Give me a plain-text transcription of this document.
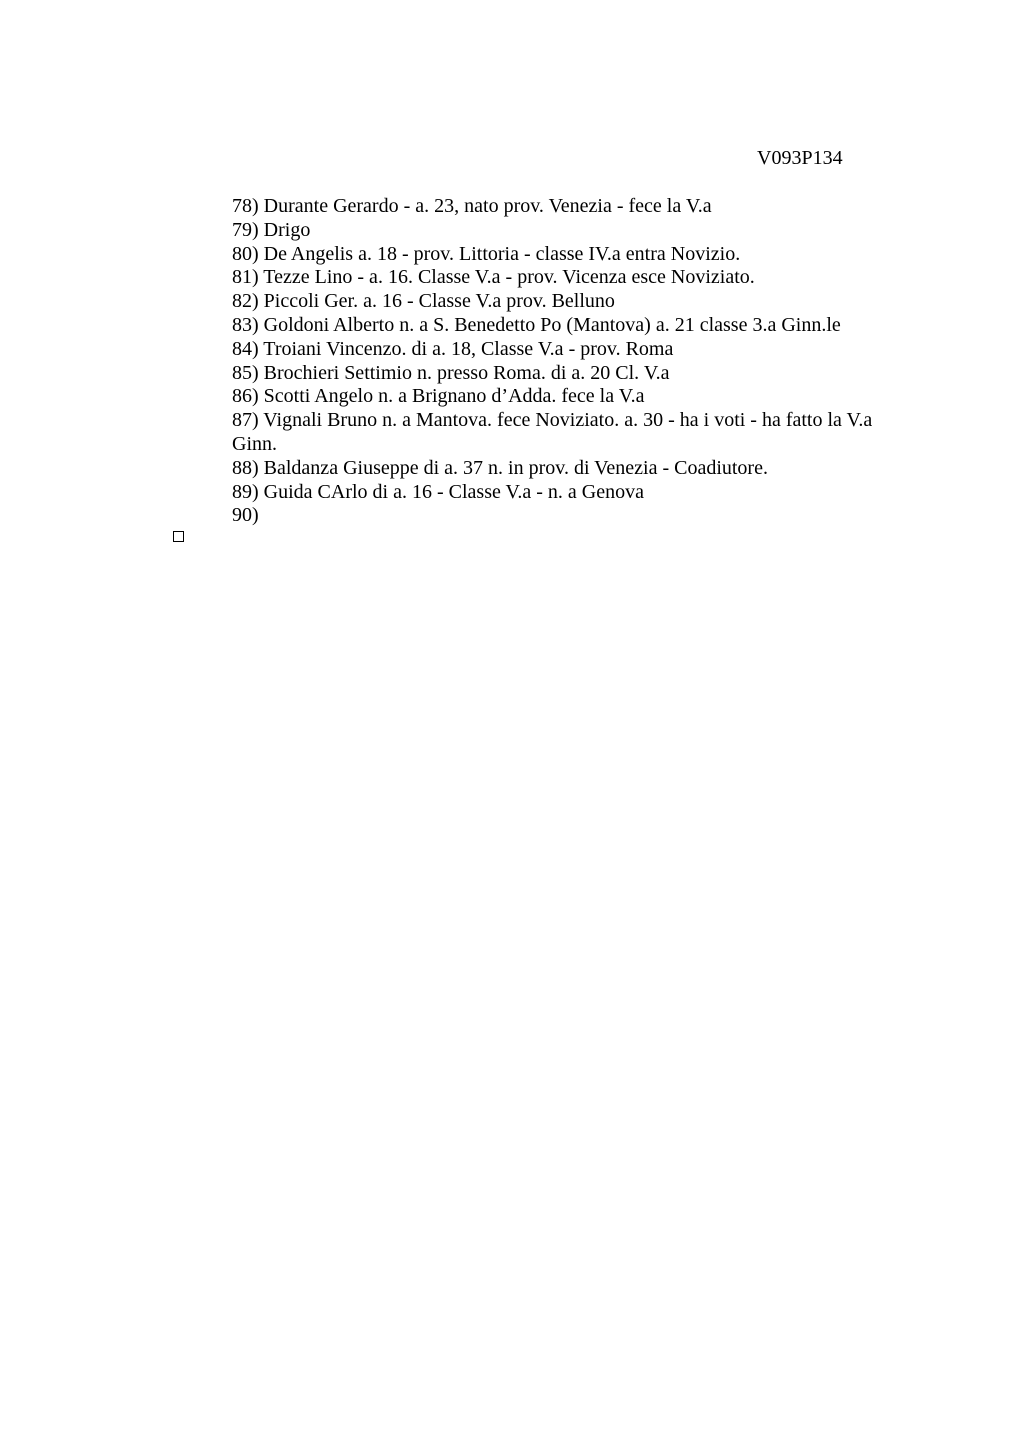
V093P134

78) Durante Gerardo - a. 23, nato prov. Venezia - fece la V.a

79) Drigo

80) De Angelis a. 18 - prov. Littoria - classe IV.a entra Novizio.

81) Tezze Lino - a. 16. Classe V.a - prov. Vicenza esce Noviziato.

82) Piccoli Ger. a. 16 - Classe V.a prov. Belluno

83) Goldoni Alberto n. a S. Benedetto Po (Mantova) a. 21 classe 3.a Ginn.le

84) Troiani Vincenzo. di a. 18, Classe V.a - prov. Roma

85) Brochieri Settimio n. presso Roma. di a. 20 Cl. V.a

86) Scotti Angelo n. a Brignano d’Adda. fece la V.a

87) Vignali Bruno n. a Mantova. fece Noviziato. a. 30 - ha i voti - ha fatto la V.a Ginn.

88) Baldanza Giuseppe di a. 37 n. in prov. di Venezia - Coadiutore.

89) Guida CArlo di a. 16 - Classe V.a - n. a Genova

90)
